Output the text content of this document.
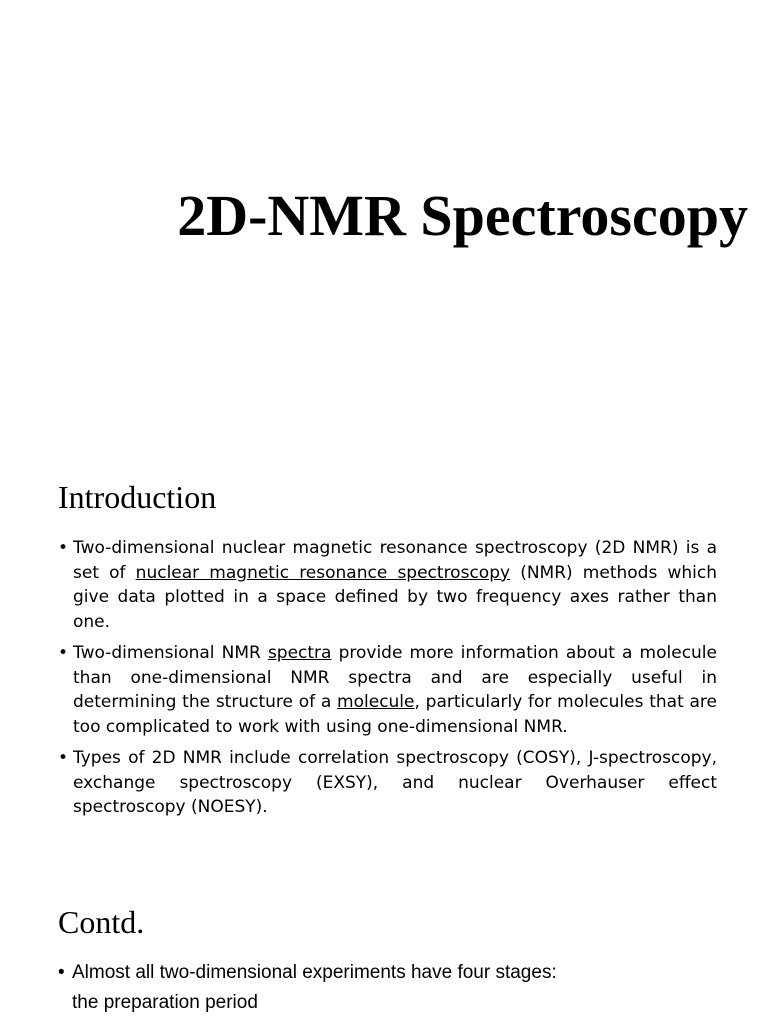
2D-NMR Spectroscopy
Introduction
• Two-dimensional nuclear magnetic resonance spectroscopy (2D NMR) is a set of nuclear magnetic resonance spectroscopy (NMR) methods which give data plotted in a space defined by two frequency axes rather than one.
• Two-dimensional NMR spectra provide more information about a molecule than one-dimensional NMR spectra and are especially useful in determining the structure of a molecule, particularly for molecules that are too complicated to work with using one-dimensional NMR.
• Types of 2D NMR include correlation spectroscopy (COSY), J-spectroscopy, exchange spectroscopy (EXSY), and nuclear Overhauser effect spectroscopy (NOESY).
Contd.
• Almost all two-dimensional experiments have four stages:
the preparation period
